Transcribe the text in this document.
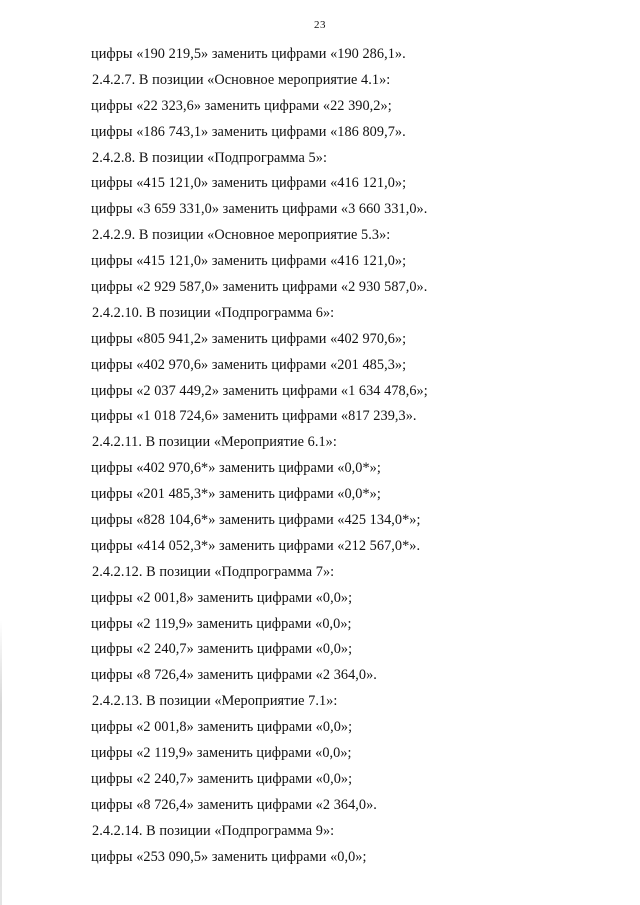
23
цифры «190 219,5» заменить цифрами «190 286,1».
2.4.2.7. В позиции «Основное мероприятие 4.1»:
цифры «22 323,6» заменить цифрами «22 390,2»;
цифры «186 743,1» заменить цифрами «186 809,7».
2.4.2.8. В позиции «Подпрограмма 5»:
цифры «415 121,0» заменить цифрами «416 121,0»;
цифры «3 659 331,0» заменить цифрами «3 660 331,0».
2.4.2.9. В позиции «Основное мероприятие 5.3»:
цифры «415 121,0» заменить цифрами «416 121,0»;
цифры «2 929 587,0» заменить цифрами «2 930 587,0».
2.4.2.10. В позиции «Подпрограмма 6»:
цифры «805 941,2» заменить цифрами «402 970,6»;
цифры «402 970,6» заменить цифрами «201 485,3»;
цифры «2 037 449,2» заменить цифрами «1 634 478,6»;
цифры «1 018 724,6» заменить цифрами «817 239,3».
2.4.2.11. В позиции «Мероприятие 6.1»:
цифры «402 970,6*» заменить цифрами «0,0*»;
цифры «201 485,3*» заменить цифрами «0,0*»;
цифры «828 104,6*» заменить цифрами «425 134,0*»;
цифры «414 052,3*» заменить цифрами «212 567,0*».
2.4.2.12. В позиции «Подпрограмма 7»:
цифры «2 001,8» заменить цифрами «0,0»;
цифры «2 119,9» заменить цифрами «0,0»;
цифры «2 240,7» заменить цифрами «0,0»;
цифры «8 726,4» заменить цифрами «2 364,0».
2.4.2.13. В позиции «Мероприятие 7.1»:
цифры «2 001,8» заменить цифрами «0,0»;
цифры «2 119,9» заменить цифрами «0,0»;
цифры «2 240,7» заменить цифрами «0,0»;
цифры «8 726,4» заменить цифрами «2 364,0».
2.4.2.14. В позиции «Подпрограмма 9»:
цифры «253 090,5» заменить цифрами «0,0»;
